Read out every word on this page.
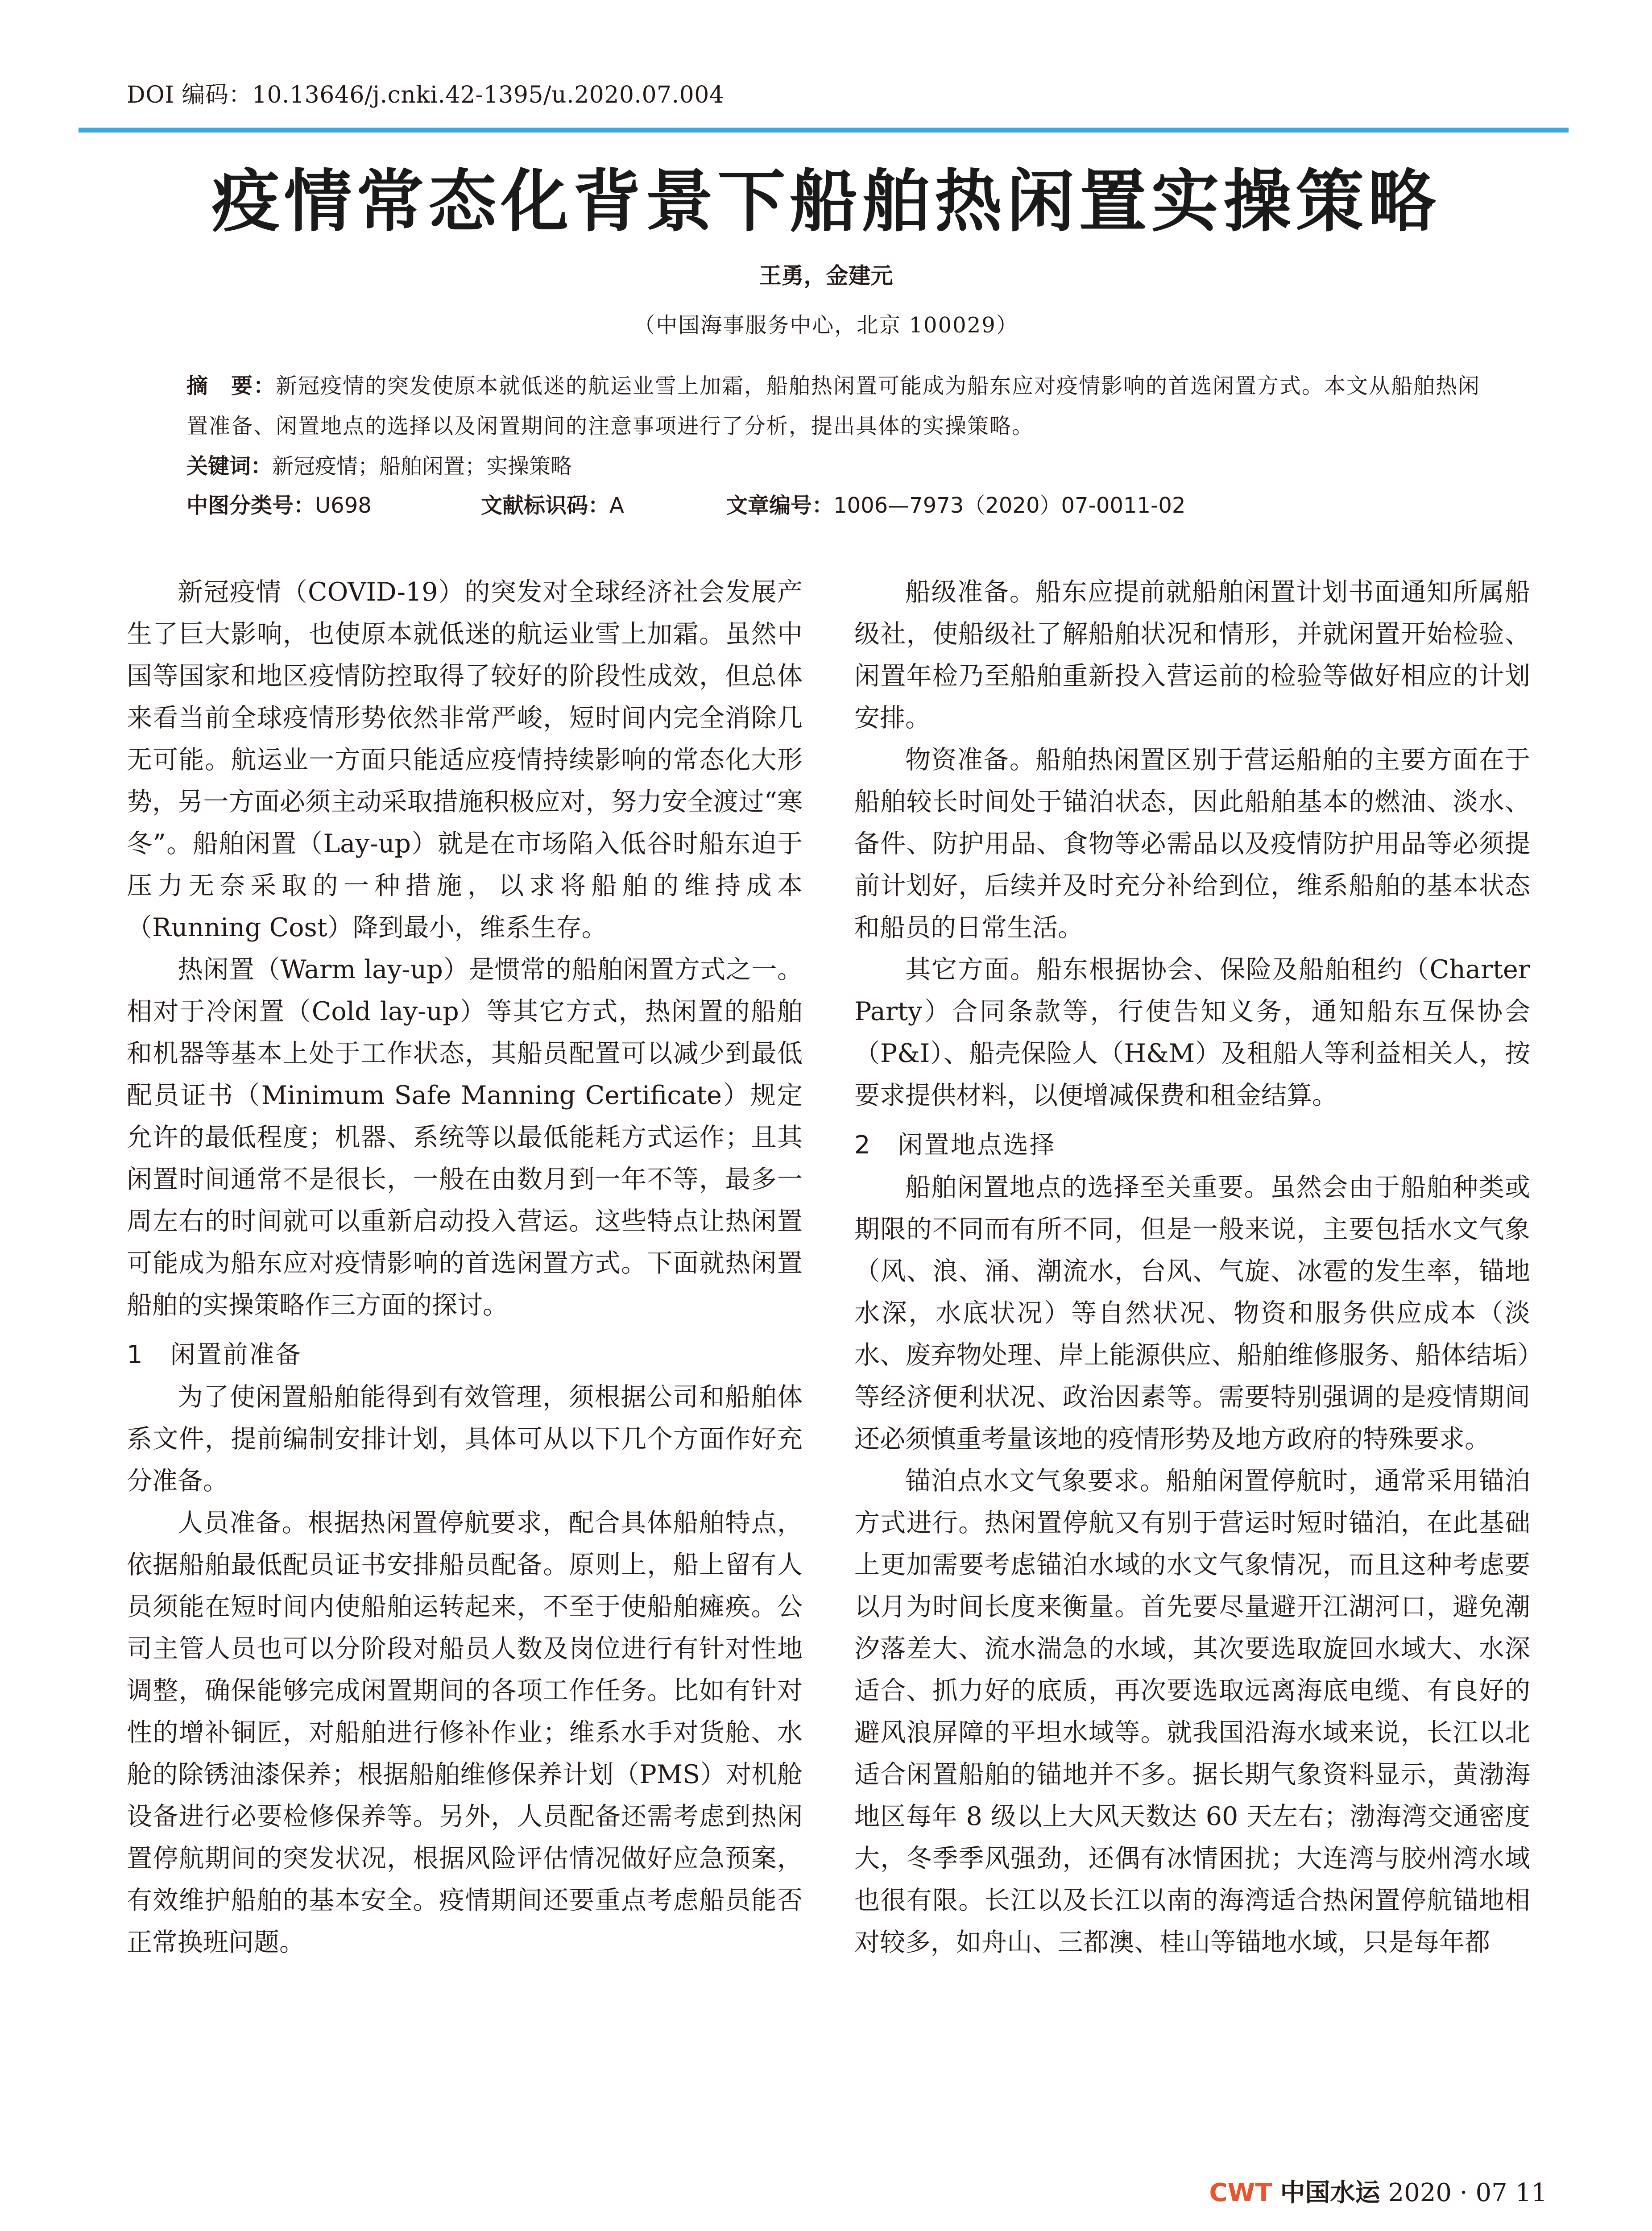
DOI 编码：10.13646/j.cnki.42-1395/u.2020.07.004
疫情常态化背景下船舶热闲置实操策略
王勇，金建元
（中国海事服务中心，北京 100029）
摘　要：新冠疫情的突发使原本就低迷的航运业雪上加霜，船舶热闲置可能成为船东应对疫情影响的首选闲置方式。本文从船舶热闲置准备、闲置地点的选择以及闲置期间的注意事项进行了分析，提出具体的实操策略。
关键词：新冠疫情；船舶闲置；实操策略
中图分类号：U698	文献标识码：A	文章编号：1006—7973（2020）07-0011-02

新冠疫情（COVID-19）的突发对全球经济社会发展产生了巨大影响，也使原本就低迷的航运业雪上加霜。虽然中国等国家和地区疫情防控取得了较好的阶段性成效，但总体来看当前全球疫情形势依然非常严峻，短时间内完全消除几无可能。航运业一方面只能适应疫情持续影响的常态化大形势，另一方面必须主动采取措施积极应对，努力安全渡过“寒冬”。船舶闲置（Lay-up）就是在市场陷入低谷时船东迫于压力无奈采取的一种措施，以求将船舶的维持成本（Running Cost）降到最小，维系生存。

热闲置（Warm lay-up）是惯常的船舶闲置方式之一。相对于冷闲置（Cold lay-up）等其它方式，热闲置的船舶和机器等基本上处于工作状态，其船员配置可以减少到最低配员证书（Minimum Safe Manning Certificate）规定允许的最低程度；机器、系统等以最低能耗方式运作；且其闲置时间通常不是很长，一般在由数月到一年不等，最多一周左右的时间就可以重新启动投入营运。这些特点让热闲置可能成为船东应对疫情影响的首选闲置方式。下面就热闲置船舶的实操策略作三方面的探讨。

1　闲置前准备

为了使闲置船舶能得到有效管理，须根据公司和船舶体系文件，提前编制安排计划，具体可从以下几个方面作好充分准备。

人员准备。根据热闲置停航要求，配合具体船舶特点，依据船舶最低配员证书安排船员配备。原则上，船上留有人员须能在短时间内使船舶运转起来，不至于使船舶瘫痪。公司主管人员也可以分阶段对船员人数及岗位进行有针对性地调整，确保能够完成闲置期间的各项工作任务。比如有针对性的增补铜匠，对船舶进行修补作业；维系水手对货舱、水舱的除锈油漆保养；根据船舶维修保养计划（PMS）对机舱设备进行必要检修保养等。另外，人员配备还需考虑到热闲置停航期间的突发状况，根据风险评估情况做好应急预案，有效维护船舶的基本安全。疫情期间还要重点考虑船员能否正常换班问题。

船级准备。船东应提前就船舶闲置计划书面通知所属船级社，使船级社了解船舶状况和情形，并就闲置开始检验、闲置年检乃至船舶重新投入营运前的检验等做好相应的计划安排。

物资准备。船舶热闲置区别于营运船舶的主要方面在于船舶较长时间处于锚泊状态，因此船舶基本的燃油、淡水、备件、防护用品、食物等必需品以及疫情防护用品等必须提前计划好，后续并及时充分补给到位，维系船舶的基本状态和船员的日常生活。

其它方面。船东根据协会、保险及船舶租约（Charter Party）合同条款等，行使告知义务，通知船东互保协会（P&I）、船壳保险人（H&M）及租船人等利益相关人，按要求提供材料，以便增减保费和租金结算。

2　闲置地点选择

船舶闲置地点的选择至关重要。虽然会由于船舶种类或期限的不同而有所不同，但是一般来说，主要包括水文气象（风、浪、涌、潮流水，台风、气旋、冰雹的发生率，锚地水深，水底状况）等自然状况、物资和服务供应成本（淡水、废弃物处理、岸上能源供应、船舶维修服务、船体结垢）等经济便利状况、政治因素等。需要特别强调的是疫情期间还必须慎重考量该地的疫情形势及地方政府的特殊要求。

锚泊点水文气象要求。船舶闲置停航时，通常采用锚泊方式进行。热闲置停航又有别于营运时短时锚泊，在此基础上更加需要考虑锚泊水域的水文气象情况，而且这种考虑要以月为时间长度来衡量。首先要尽量避开江湖河口，避免潮汐落差大、流水湍急的水域，其次要选取旋回水域大、水深适合、抓力好的底质，再次要选取远离海底电缆、有良好的避风浪屏障的平坦水域等。就我国沿海水域来说，长江以北适合闲置船舶的锚地并不多。据长期气象资料显示，黄渤海地区每年 8 级以上大风天数达 60 天左右；渤海湾交通密度大，冬季季风强劲，还偶有冰情困扰；大连湾与胶州湾水域也很有限。长江以及长江以南的海湾适合热闲置停航锚地相对较多，如舟山、三都澳、桂山等锚地水域，只是每年都

CWT 中国水运 2020 · 07 11
